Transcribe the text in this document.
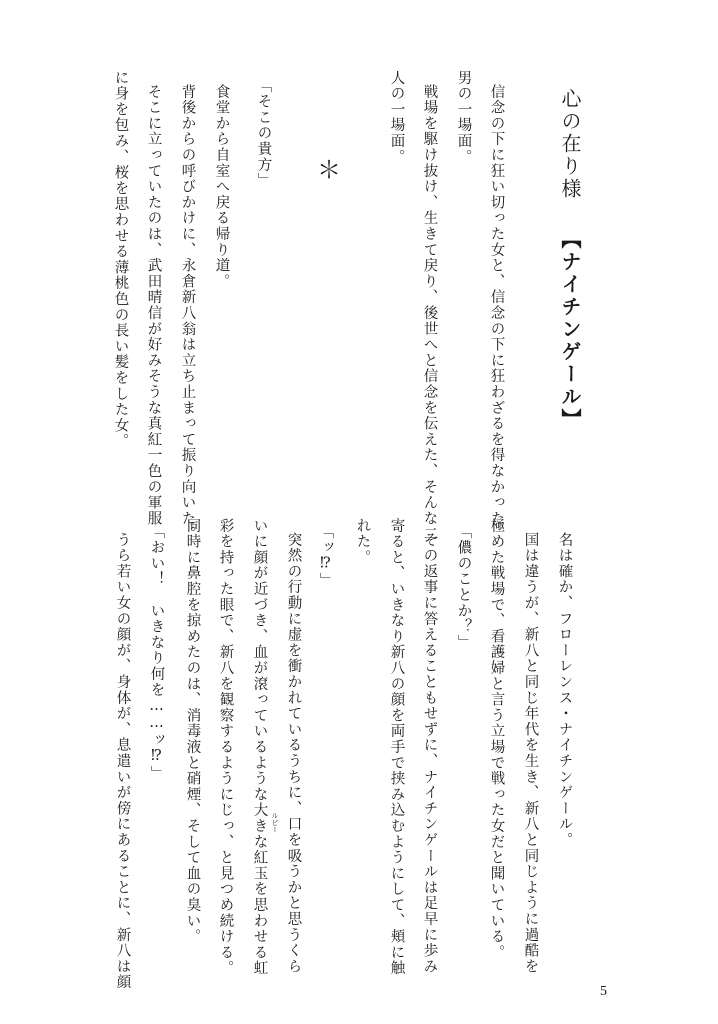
心の在り様【ナイチンゲール】
信念の下に狂い切った女と、信念の下に狂わざるを得なかった
男の一場面。
戦場を駆け抜け、生きて戻り、後世へと信念を伝えた、そんな二
人の一場面。
＊
「そこの貴方」
食堂から自室へ戻る帰り道。
背後からの呼びかけに、永倉新八翁は立ち止まって振り向いた。
そこに立っていたのは、武田晴信が好みそうな真紅一色の軍服
に身を包み、桜を思わせる薄桃色の長い髪をした女。
名は確か、フローレンス・ナイチンゲール。
国は違うが、新八と同じ年代を生き、新八と同じように過酷を
極めた戦場で、看護婦と言う立場で戦った女だと聞いている。
「儂のことか？」
その返事に答えることもせずに、ナイチンゲールは足早に歩み
寄ると、いきなり新八の顔を両手で挟み込むようにして、頬に触
れた。
「ッ⁉」
突然の行動に虚を衝かれているうちに、口を吸うかと思うくら
いに顔が近づき、血が滾っているような大きな紅玉を思わせる虹 ルビー
彩を持った眼で、新八を観察するようにじっ、と見つめ続ける。
同時に鼻腔を掠めたのは、消毒液と硝煙、そして血の臭い。
「おい！　いきなり何を……ッ⁉」
うら若い女の顔が、身体が、息遣いが傍にあることに、新八は顔
5
